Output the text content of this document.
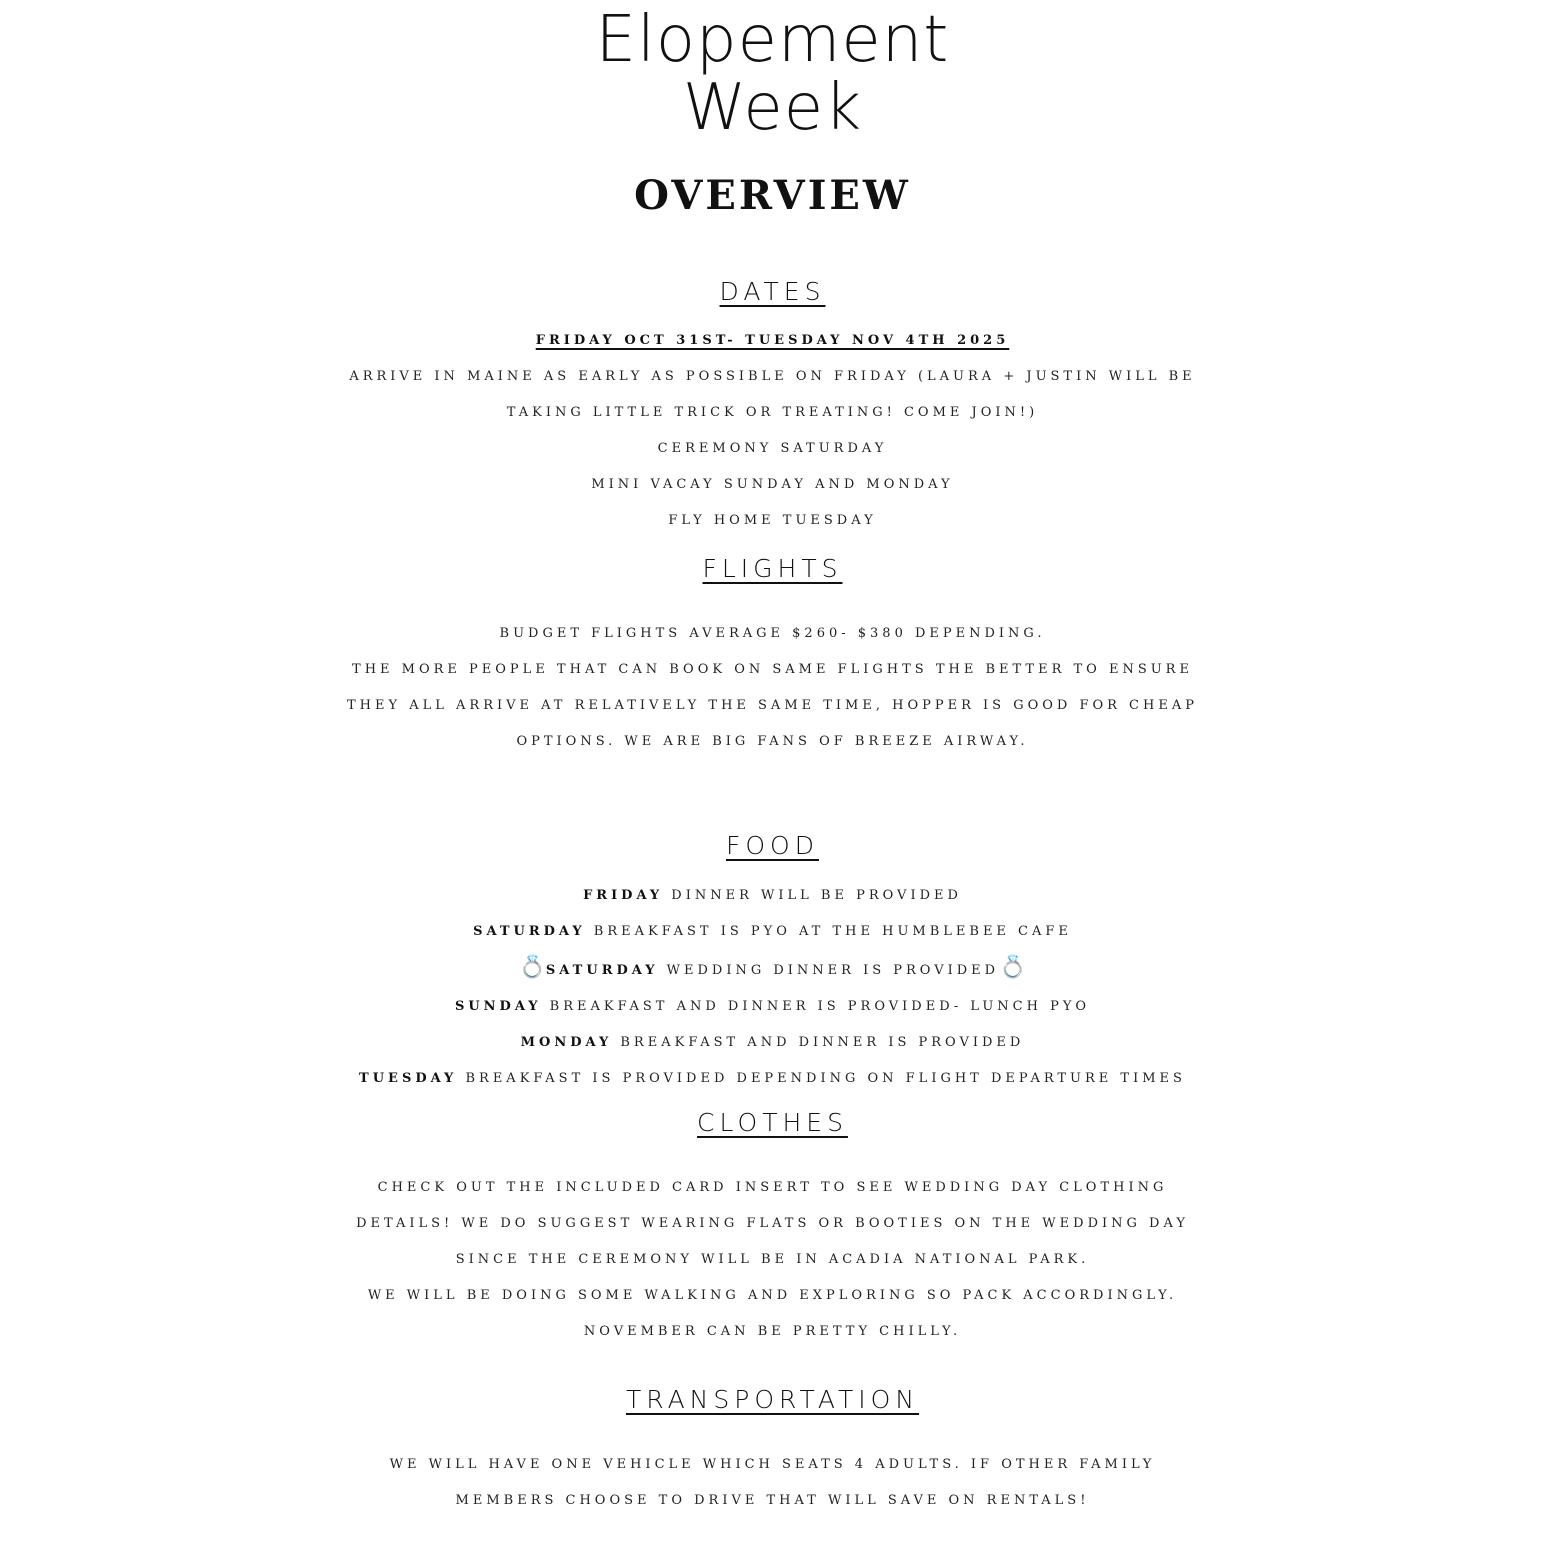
Elopement
Week
OVERVIEW
DATES
FRIDAY OCT 31ST- TUESDAY NOV 4TH 2025
ARRIVE IN MAINE AS EARLY AS POSSIBLE ON FRIDAY (LAURA + JUSTIN WILL BE
TAKING LITTLE TRICK OR TREATING! COME JOIN!)
CEREMONY SATURDAY
MINI VACAY SUNDAY AND MONDAY
FLY HOME TUESDAY
FLIGHTS
BUDGET FLIGHTS AVERAGE $260- $380 DEPENDING.
THE MORE PEOPLE THAT CAN BOOK ON SAME FLIGHTS THE BETTER TO ENSURE
THEY ALL ARRIVE AT RELATIVELY THE SAME TIME, HOPPER IS GOOD FOR CHEAP
OPTIONS. WE ARE BIG FANS OF BREEZE AIRWAY.
FOOD
FRIDAY DINNER WILL BE PROVIDED
SATURDAY BREAKFAST IS PYO AT THE HUMBLEBEE CAFE
💍SATURDAY WEDDING DINNER IS PROVIDED💍
SUNDAY BREAKFAST AND DINNER IS PROVIDED- LUNCH PYO
MONDAY BREAKFAST AND DINNER IS PROVIDED
TUESDAY BREAKFAST IS PROVIDED DEPENDING ON FLIGHT DEPARTURE TIMES
CLOTHES
CHECK OUT THE INCLUDED CARD INSERT TO SEE WEDDING DAY CLOTHING
DETAILS! WE DO SUGGEST WEARING FLATS OR BOOTIES ON THE WEDDING DAY
SINCE THE CEREMONY WILL BE IN ACADIA NATIONAL PARK.
WE WILL BE DOING SOME WALKING AND EXPLORING SO PACK ACCORDINGLY.
NOVEMBER CAN BE PRETTY CHILLY.
TRANSPORTATION
WE WILL HAVE ONE VEHICLE WHICH SEATS 4 ADULTS. IF OTHER FAMILY
MEMBERS CHOOSE TO DRIVE THAT WILL SAVE ON RENTALS!
